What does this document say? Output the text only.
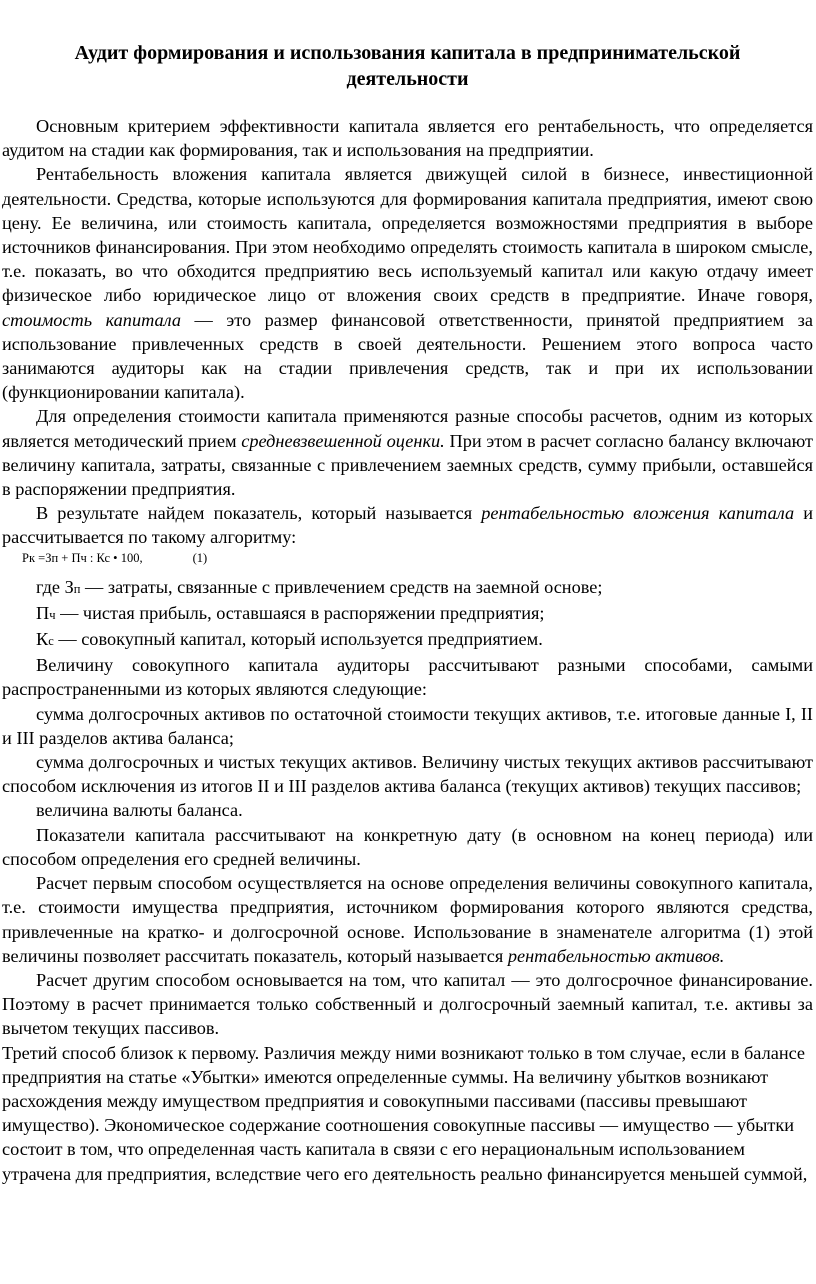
Аудит формирования и использования капитала в предпринимательской деятельности

Основным критерием эффективности капитала является его рентабельность, что определяется аудитом на стадии как формирования, так и использования на предприятии.

Рентабельность вложения капитала является движущей силой в бизнесе, инвестиционной деятельности. Средства, которые используются для формирования капитала предприятия, имеют свою цену. Ее величина, или стоимость капитала, определяется возможностями предприятия в выборе источников финансирования. При этом необходимо определять стоимость капитала в широком смысле, т.е. показать, во что обходится предприятию весь используемый капитал или какую отдачу имеет физическое либо юридическое лицо от вложения своих средств в предприятие. Иначе говоря, стоимость капитала — это размер финансовой ответственности, принятой предприятием за использование привлеченных средств в своей деятельности. Решением этого вопроса часто занимаются аудиторы как на стадии привлечения средств, так и при их использовании (функционировании капитала).

Для определения стоимости капитала применяются разные способы расчетов, одним из которых является методический прием средневзвешенной оценки. При этом в расчет согласно балансу включают величину капитала, затраты, связанные с привлечением заемных средств, сумму прибыли, оставшейся в распоряжении предприятия.

В результате найдем показатель, который называется рентабельностью вложения капитала и рассчитывается по такому алгоритму:

Рк =Зп + Пч : Кс • 100,	(1)

где Зп — затраты, связанные с привлечением средств на заемной основе;

Пч — чистая прибыль, оставшаяся в распоряжении предприятия;

Кс — совокупный капитал, который используется предприятием.

Величину совокупного капитала аудиторы рассчитывают разными способами, самыми распространенными из которых являются следующие:

сумма долгосрочных активов по остаточной стоимости текущих активов, т.е. итоговые данные I, II и III разделов актива баланса;

сумма долгосрочных и чистых текущих активов. Величину чистых текущих активов рассчитывают способом исключения из итогов II и III разделов актива баланса (текущих активов) текущих пассивов;

величина валюты баланса.

Показатели капитала рассчитывают на конкретную дату (в основном на конец периода) или способом определения его средней величины.

Расчет первым способом осуществляется на основе определения величины совокупного капитала, т.е. стоимости имущества предприятия, источником формирования которого являются средства, привлеченные на кратко- и долгосрочной основе. Использование в знаменателе алгоритма (1) этой величины позволяет рассчитать показатель, который называется рентабельностью активов.

Расчет другим способом основывается на том, что капитал — это долгосрочное финансирование. Поэтому в расчет принимается только собственный и долгосрочный заемный капитал, т.е. активы за вычетом текущих пассивов.

Третий способ близок к первому. Различия между ними возникают только в том случае, если в балансе предприятия на статье «Убытки» имеются определенные суммы. На величину убытков возникают расхождения между имуществом предприятия и совокупными пассивами (пассивы превышают имущество). Экономическое содержание соотношения совокупные пассивы — имущество — убытки состоит в том, что определенная часть капитала в связи с его нерациональным использованием утрачена для предприятия, вследствие чего его деятельность реально финансируется меньшей суммой,
